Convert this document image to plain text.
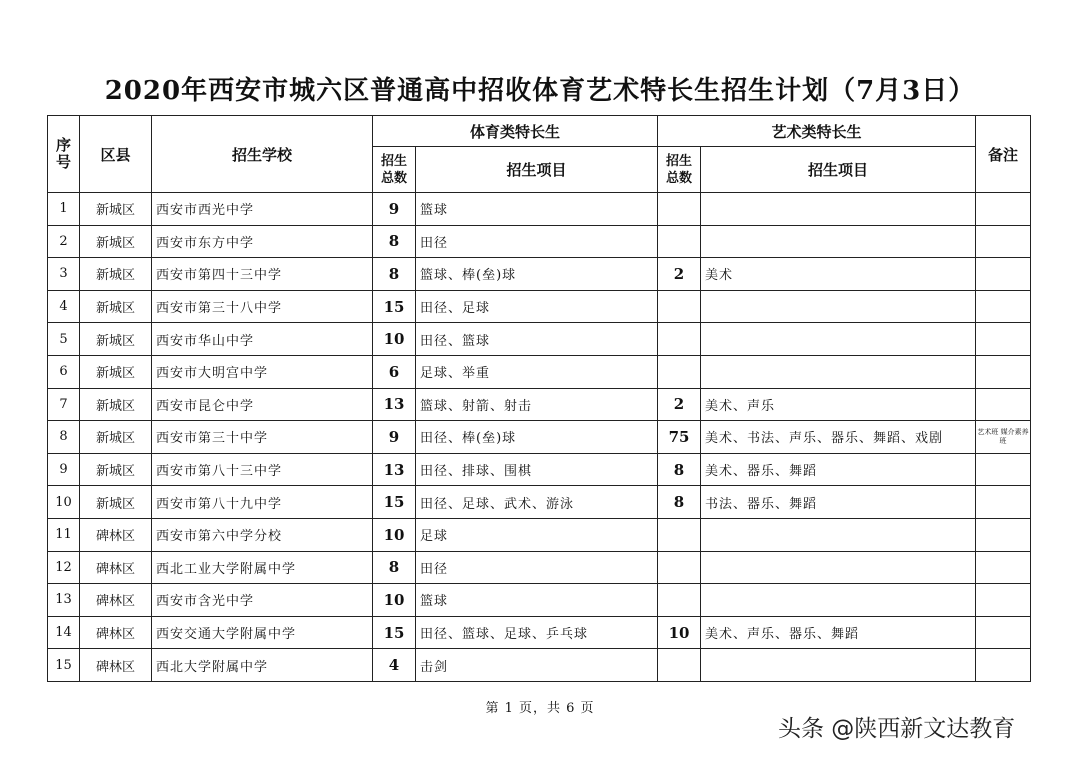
2020年西安市城六区普通高中招收体育艺术特长生招生计划（7月3日）
序号	区县	招生学校	体育类特长生		艺术类特长生		备注
			招生总数	招生项目	招生总数	招生项目	
1	新城区	西安市西光中学	9	篮球			
2	新城区	西安市东方中学	8	田径			
3	新城区	西安市第四十三中学	8	篮球、棒(垒)球	2	美术	
4	新城区	西安市第三十八中学	15	田径、足球			
5	新城区	西安市华山中学	10	田径、篮球			
6	新城区	西安市大明宫中学	6	足球、举重			
7	新城区	西安市昆仑中学	13	篮球、射箭、射击	2	美术、声乐	
8	新城区	西安市第三十中学	9	田径、棒(垒)球	75	美术、书法、声乐、器乐、舞蹈、戏剧	艺术班 媒介素养班
9	新城区	西安市第八十三中学	13	田径、排球、围棋	8	美术、器乐、舞蹈	
10	新城区	西安市第八十九中学	15	田径、足球、武术、游泳	8	书法、器乐、舞蹈	
11	碑林区	西安市第六中学分校	10	足球			
12	碑林区	西北工业大学附属中学	8	田径			
13	碑林区	西安市含光中学	10	篮球			
14	碑林区	西安交通大学附属中学	15	田径、篮球、足球、乒乓球	10	美术、声乐、器乐、舞蹈	
15	碑林区	西北大学附属中学	4	击剑			
第 1 页，共 6 页
头条 @陕西新文达教育
